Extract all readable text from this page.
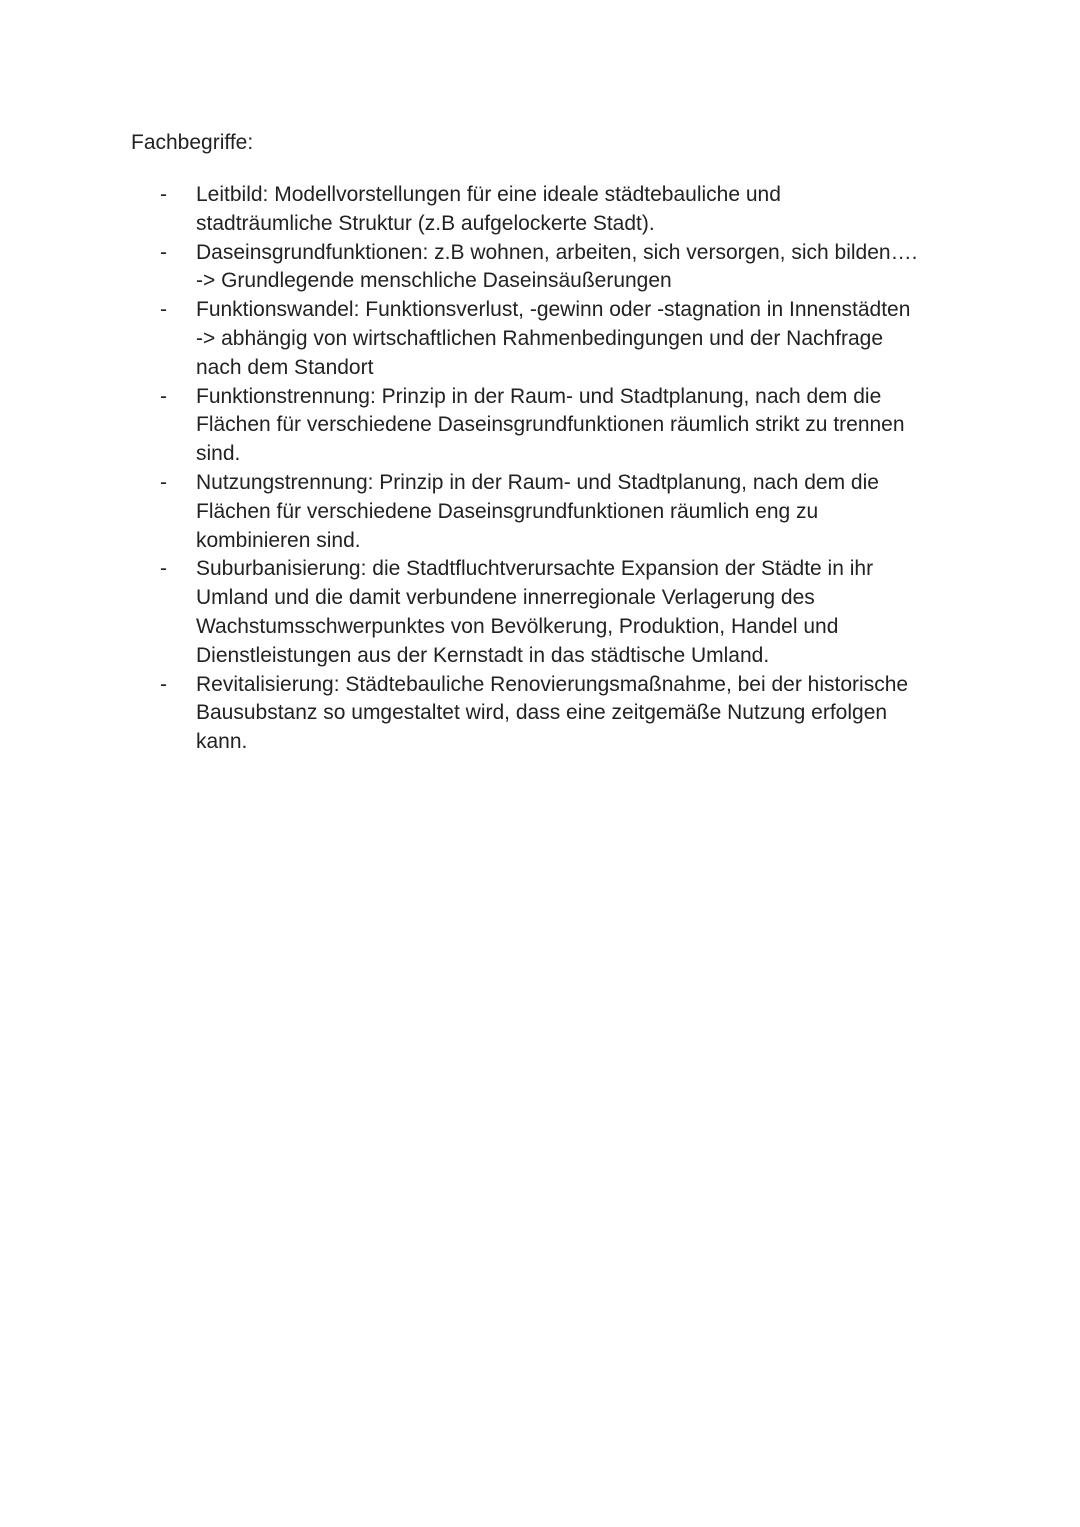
Fachbegriffe:
-	Leitbild: Modellvorstellungen für eine ideale städtebauliche und
stadträumliche Struktur (z.B aufgelockerte Stadt).
-	Daseinsgrundfunktionen: z.B wohnen, arbeiten, sich versorgen, sich bilden….
-> Grundlegende menschliche Daseinsäußerungen
-	Funktionswandel: Funktionsverlust, -gewinn oder -stagnation in Innenstädten
-> abhängig von wirtschaftlichen Rahmenbedingungen und der Nachfrage
nach dem Standort
-	Funktionstrennung: Prinzip in der Raum- und Stadtplanung, nach dem die
Flächen für verschiedene Daseinsgrundfunktionen räumlich strikt zu trennen
sind.
-	Nutzungstrennung: Prinzip in der Raum- und Stadtplanung, nach dem die
Flächen für verschiedene Daseinsgrundfunktionen räumlich eng zu
kombinieren sind.
-	Suburbanisierung: die Stadtfluchtverursachte Expansion der Städte in ihr
Umland und die damit verbundene innerregionale Verlagerung des
Wachstumsschwerpunktes von Bevölkerung, Produktion, Handel und
Dienstleistungen aus der Kernstadt in das städtische Umland.
-	Revitalisierung: Städtebauliche Renovierungsmaßnahme, bei der historische
Bausubstanz so umgestaltet wird, dass eine zeitgemäße Nutzung erfolgen
kann.
